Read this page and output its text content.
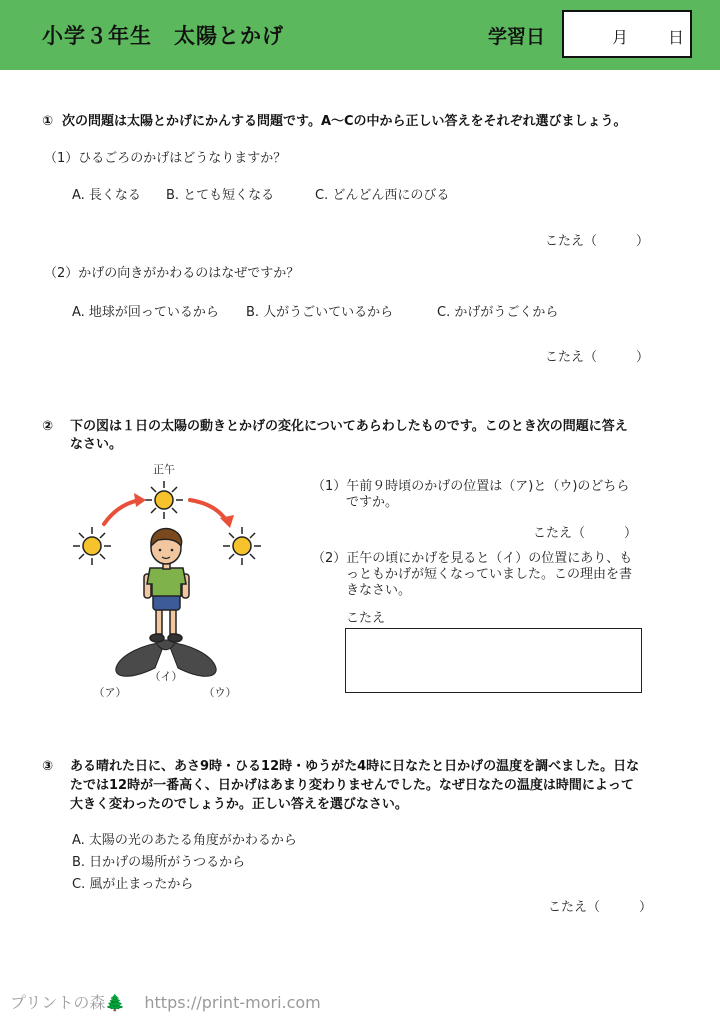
小学３年生　太陽とかげ	学習日	月 日
① 次の問題は太陽とかげにかんする問題です。A〜Cの中から正しい答えをそれぞれ選びましょう。
（1）ひるごろのかげはどうなりますか？
A. 長くなる B. とても短くなる	C. どんどん西にのびる
こたえ（　　　）
（2）かげの向きがかわるのはなぜですか？
A. 地球が回っているから B. 人がうごいているから	C. かげがうごくから
こたえ（　　　）
② 下の図は１日の太陽の動きとかげの変化についてあらわしたものです。このとき次の問題に答え
なさい。
正午
（ア）
（イ）
（ウ）
（1）午前９時頃のかげの位置は（ア)と（ウ)のどちら
ですか。
こたえ（　　　）
（2）正午の頃にかげを見ると（イ）の位置にあり、も
っともかげが短くなっていました。この理由を書
きなさい。
こたえ
③ ある晴れた日に、あさ9時・ひる12時・ゆうがた4時に日なたと日かげの温度を調べました。日な
たでは12時が一番高く、日かげはあまり変わりませんでした。なぜ日なたの温度は時間によって
大きく変わったのでしょうか。正しい答えを選びなさい。
A. 太陽の光のあたる角度がかわるから
B. 日かげの場所がうつるから
C. 風が止まったから
こたえ（　　　）
プリントの森🌲 https://print-mori.com
